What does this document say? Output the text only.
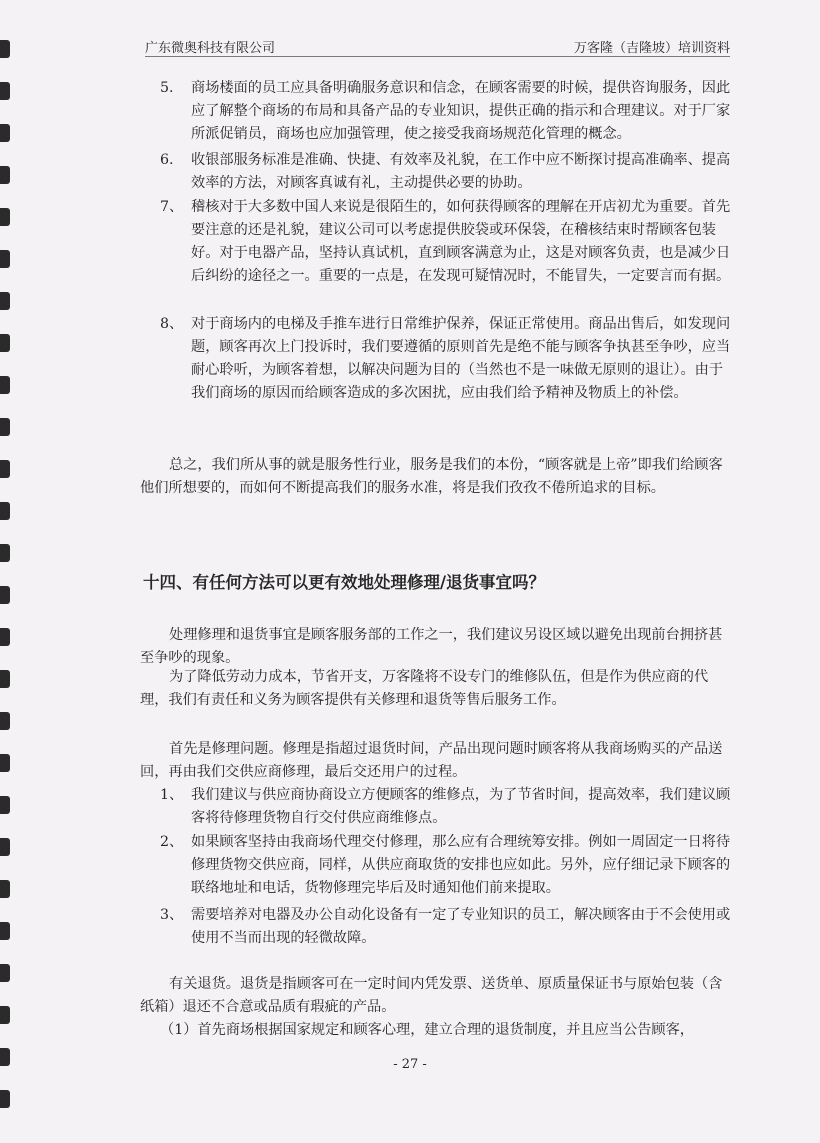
广东微奥科技有限公司	万客隆（吉隆坡）培训资料
5. 商场楼面的员工应具备明确服务意识和信念，在顾客需要的时候，提供咨询服务，因此应了解整个商场的布局和具备产品的专业知识，提供正确的指示和合理建议。对于厂家所派促销员，商场也应加强管理，使之接受我商场规范化管理的概念。
6. 收银部服务标准是准确、快捷、有效率及礼貌，在工作中应不断探讨提高准确率、提高效率的方法，对顾客真诚有礼，主动提供必要的协助。
7、 稽核对于大多数中国人来说是很陌生的，如何获得顾客的理解在开店初尤为重要。首先要注意的还是礼貌，建议公司可以考虑提供胶袋或环保袋，在稽核结束时帮顾客包装好。对于电器产品，坚持认真试机，直到顾客满意为止，这是对顾客负责，也是减少日后纠纷的途径之一。重要的一点是，在发现可疑情况时，不能冒失，一定要言而有据。
8、 对于商场内的电梯及手推车进行日常维护保养，保证正常使用。商品出售后，如发现问题，顾客再次上门投诉时，我们要遵循的原则首先是绝不能与顾客争执甚至争吵，应当耐心聆听，为顾客着想，以解决问题为目的（当然也不是一味做无原则的退让）。由于我们商场的原因而给顾客造成的多次困扰，应由我们给予精神及物质上的补偿。
总之，我们所从事的就是服务性行业，服务是我们的本份，“顾客就是上帝”即我们给顾客他们所想要的，而如何不断提高我们的服务水准，将是我们孜孜不倦所追求的目标。
十四、有任何方法可以更有效地处理修理/退货事宜吗？
处理修理和退货事宜是顾客服务部的工作之一，我们建议另设区域以避免出现前台拥挤甚至争吵的现象。
为了降低劳动力成本，节省开支，万客隆将不设专门的维修队伍，但是作为供应商的代理，我们有责任和义务为顾客提供有关修理和退货等售后服务工作。
首先是修理问题。修理是指超过退货时间，产品出现问题时顾客将从我商场购买的产品送回，再由我们交供应商修理，最后交还用户的过程。
1、 我们建议与供应商协商设立方便顾客的维修点，为了节省时间，提高效率，我们建议顾客将待修理货物自行交付供应商维修点。
2、 如果顾客坚持由我商场代理交付修理，那么应有合理统筹安排。例如一周固定一日将待修理货物交供应商，同样，从供应商取货的安排也应如此。另外，应仔细记录下顾客的联络地址和电话，货物修理完毕后及时通知他们前来提取。
3、 需要培养对电器及办公自动化设备有一定了专业知识的员工，解决顾客由于不会使用或使用不当而出现的轻微故障。
有关退货。退货是指顾客可在一定时间内凭发票、送货单、原质量保证书与原始包装（含纸箱）退还不合意或品质有瑕疵的产品。
（1）首先商场根据国家规定和顾客心理，建立合理的退货制度，并且应当公告顾客，
- 27 -
